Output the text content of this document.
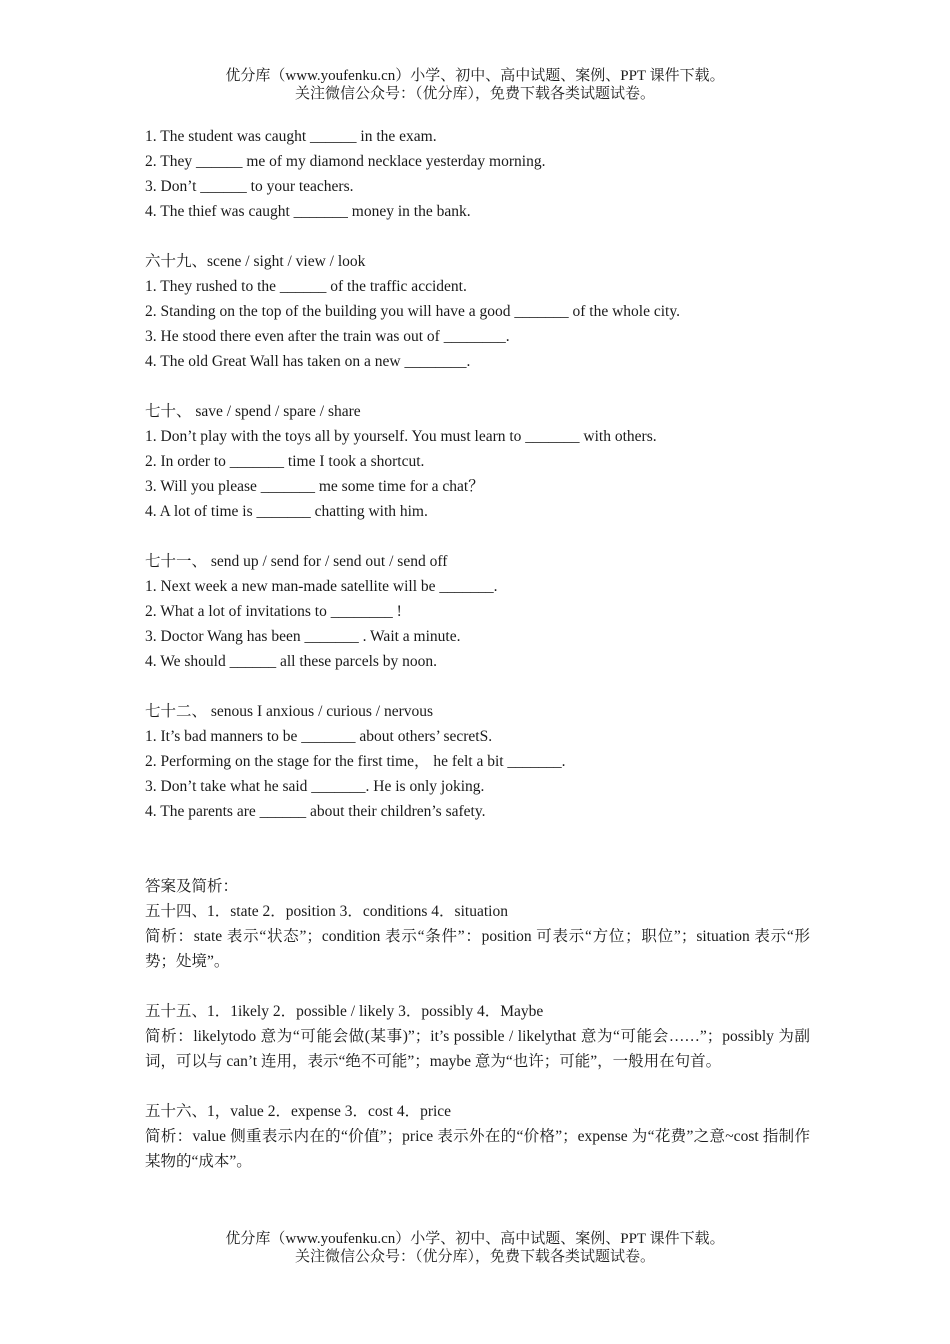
优分库（www.youfenku.cn）小学、初中、高中试题、案例、PPT 课件下载。
关注微信公众号：（优分库），免费下载各类试题试卷。
1. The student was caught ______ in the exam.
2. They ______ me of my diamond necklace yesterday morning.
3. Don’t ______ to your teachers.
4. The thief was caught _______ money in the bank.
六十九、scene / sight / view / look
1. They rushed to the ______ of the traffic accident.
2. Standing on the top of the building you will have a good _______ of the whole city.
3. He stood there even after the train was out of ________.
4. The old Great Wall has taken on a new ________.
七十、 save / spend / spare / share
1. Don’t play with the toys all by yourself. You must learn to _______ with others.
2. In order to _______ time I took a shortcut.
3. Will you please _______ me some time for a chat？
4. A lot of time is _______ chatting with him.
七十一、 send up / send for / send out / send off
1. Next week a new man-made satellite will be _______.
2. What a lot of invitations to ________ !
3. Doctor Wang has been _______ . Wait a minute.
4. We should ______ all these parcels by noon.
七十二、 senous I anxious / curious / nervous
1. It’s bad manners to be _______ about others’ secretS.
2. Performing on the stage for the first time， he felt a bit _______.
3. Don’t take what he said _______. He is only joking.
4. The parents are ______ about their children’s safety.
答案及简析：
五十四、1．state 2．position 3．conditions 4．situation
简析：state 表示“状态”；condition 表示“条件”：position 可表示“方位；职位”；situation 表示“形势；处境”。
五十五、1．1ikely 2．possible / likely 3．possibly 4．Maybe
简析：likelytodo 意为“可能会做(某事)”；it’s possible / likelythat 意为“可能会……”；possibly 为副词，可以与 can’t 连用，表示“绝不可能”；maybe 意为“也许；可能”，一般用在句首。
五十六、1，value 2．expense 3．cost 4．price
简析：value 侧重表示内在的“价值”；price 表示外在的“价格”；expense 为“花费”之意~cost 指制作某物的“成本”。
优分库（www.youfenku.cn）小学、初中、高中试题、案例、PPT 课件下载。
关注微信公众号：（优分库），免费下载各类试题试卷。
